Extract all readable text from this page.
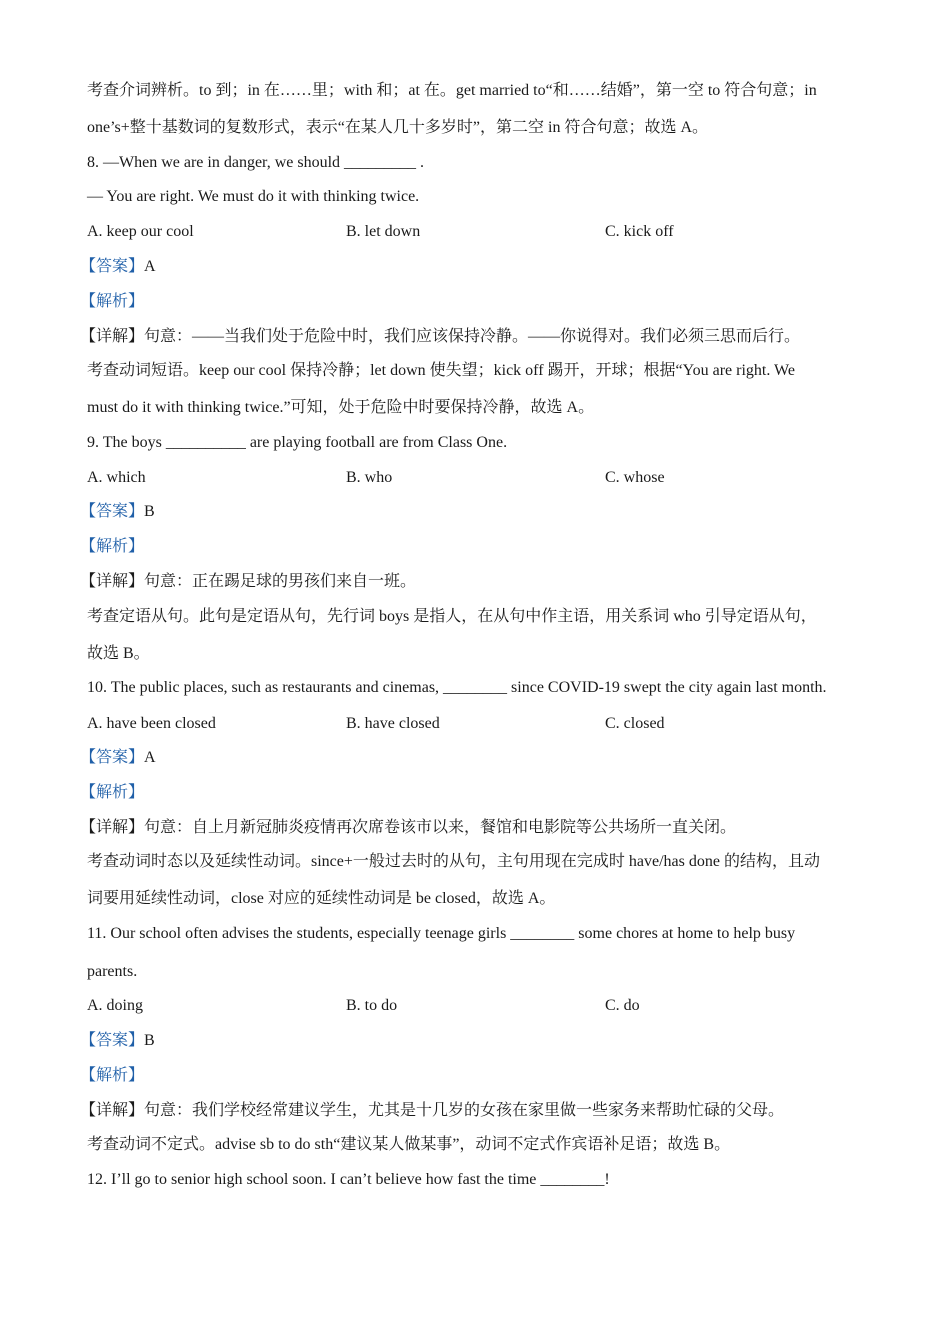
考查介词辨析。to 到；in 在……里；with 和；at 在。get married to“和……结婚”，第一空 to 符合句意；in
one’s+整十基数词的复数形式，表示“在某人几十多岁时”，第二空 in 符合句意；故选 A。
8. —When we are in danger, we should _________ .
— You are right. We must do it with thinking twice.
A. keep our cool	B. let down	C. kick off
【答案】A
【解析】
【详解】句意：——当我们处于危险中时，我们应该保持冷静。——你说得对。我们必须三思而后行。
考查动词短语。keep our cool 保持冷静；let down 使失望；kick off 踢开，开球；根据“You are right. We
must do it with thinking twice.”可知，处于危险中时要保持冷静，故选 A。
9. The boys __________ are playing football are from Class One.
A. which	B. who	C. whose
【答案】B
【解析】
【详解】句意：正在踢足球的男孩们来自一班。
考查定语从句。此句是定语从句，先行词 boys 是指人，在从句中作主语，用关系词 who 引导定语从句，
故选 B。
10. The public places, such as restaurants and cinemas, ________ since COVID-19 swept the city again last month.
A. have been closed	B. have closed	C. closed
【答案】A
【解析】
【详解】句意：自上月新冠肺炎疫情再次席卷该市以来，餐馆和电影院等公共场所一直关闭。
考查动词时态以及延续性动词。since+一般过去时的从句，主句用现在完成时 have/has done 的结构，且动
词要用延续性动词，close 对应的延续性动词是 be closed，故选 A。
11. Our school often advises the students, especially teenage girls ________ some chores at home to help busy
parents.
A. doing	B. to do	C. do
【答案】B
【解析】
【详解】句意：我们学校经常建议学生，尤其是十几岁的女孩在家里做一些家务来帮助忙碌的父母。
考查动词不定式。advise sb to do sth“建议某人做某事”，动词不定式作宾语补足语；故选 B。
12. I’ll go to senior high school soon. I can’t believe how fast the time ________!
